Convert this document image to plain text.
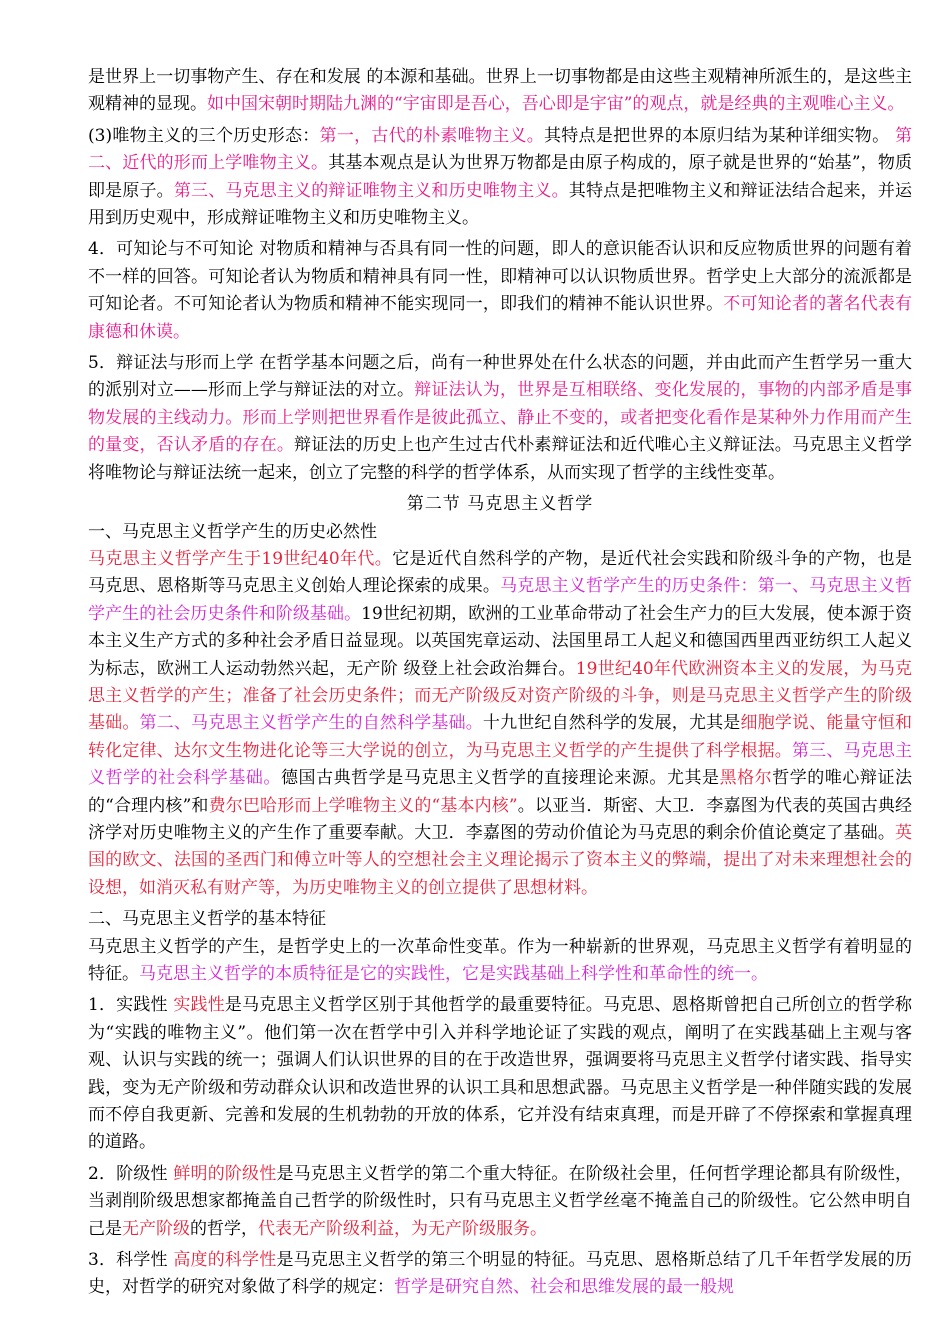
是世界上一切事物产生、存在和发展 的本源和基础。世界上一切事物都是由这些主观精神所派生的，是这些主观精神的显现。如中国宋朝时期陆九渊的“宇宙即是吾心，吾心即是宇宙”的观点，就是经典的主观唯心主义。

(3)唯物主义的三个历史形态：第一，古代的朴素唯物主义。其特点是把世界的本原归结为某种详细实物。 第二、近代的形而上学唯物主义。其基本观点是认为世界万物都是由原子构成的，原子就是世界的“始基”，物质即是原子。第三、马克思主义的辩证唯物主义和历史唯物主义。其特点是把唯物主义和辩证法结合起来，并运用到历史观中，形成辩证唯物主义和历史唯物主义。

4．可知论与不可知论 对物质和精神与否具有同一性的问题，即人的意识能否认识和反应物质世界的问题有着不一样的回答。可知论者认为物质和精神具有同一性，即精神可以认识物质世界。哲学史上大部分的流派都是可知论者。不可知论者认为物质和精神不能实现同一，即我们的精神不能认识世界。不可知论者的著名代表有康德和休谟。

5．辩证法与形而上学 在哲学基本问题之后，尚有一种世界处在什么状态的问题，并由此而产生哲学另一重大的派别对立——形而上学与辩证法的对立。辩证法认为，世界是互相联络、变化发展的，事物的内部矛盾是事物发展的主线动力。形而上学则把世界看作是彼此孤立、静止不变的，或者把变化看作是某种外力作用而产生的量变，否认矛盾的存在。辩证法的历史上也产生过古代朴素辩证法和近代唯心主义辩证法。马克思主义哲学将唯物论与辩证法统一起来，创立了完整的科学的哲学体系，从而实现了哲学的主线性变革。

第二节 马克思主义哲学

一、马克思主义哲学产生的历史必然性

马克思主义哲学产生于19世纪40年代。它是近代自然科学的产物，是近代社会实践和阶级斗争的产物，也是马克思、恩格斯等马克思主义创始人理论探索的成果。马克思主义哲学产生的历史条件：第一、马克思主义哲学产生的社会历史条件和阶级基础。19世纪初期，欧洲的工业革命带动了社会生产力的巨大发展，使本源于资本主义生产方式的多种社会矛盾日益显现。以英国宪章运动、法国里昂工人起义和德国西里西亚纺织工人起义为标志，欧洲工人运动勃然兴起，无产阶 级登上社会政治舞台。19世纪40年代欧洲资本主义的发展，为马克思主义哲学的产生；准备了社会历史条件；而无产阶级反对资产阶级的斗争，则是马克思主义哲学产生的阶级基础。第二、马克思主义哲学产生的自然科学基础。十九世纪自然科学的发展，尤其是细胞学说、能量守恒和转化定律、达尔文生物进化论等三大学说的创立，为马克思主义哲学的产生提供了科学根据。第三、马克思主义哲学的社会科学基础。德国古典哲学是马克思主义哲学的直接理论来源。尤其是黑格尔哲学的唯心辩证法的“合理内核”和费尔巴哈形而上学唯物主义的“基本内核”。以亚当．斯密、大卫．李嘉图为代表的英国古典经济学对历史唯物主义的产生作了重要奉献。大卫．李嘉图的劳动价值论为马克思的剩余价值论奠定了基础。英国的欧文、法国的圣西门和傅立叶等人的空想社会主义理论揭示了资本主义的弊端，提出了对未来理想社会的设想，如消灭私有财产等，为历史唯物主义的创立提供了思想材料。

二、马克思主义哲学的基本特征

马克思主义哲学的产生，是哲学史上的一次革命性变革。作为一种崭新的世界观，马克思主义哲学有着明显的特征。马克思主义哲学的本质特征是它的实践性，它是实践基础上科学性和革命性的统一。

1．实践性 实践性是马克思主义哲学区别于其他哲学的最重要特征。马克思、恩格斯曾把自己所创立的哲学称为“实践的唯物主义”。他们第一次在哲学中引入并科学地论证了实践的观点，阐明了在实践基础上主观与客观、认识与实践的统一；强调人们认识世界的目的在于改造世界，强调要将马克思主义哲学付诸实践、指导实践，变为无产阶级和劳动群众认识和改造世界的认识工具和思想武器。马克思主义哲学是一种伴随实践的发展而不停自我更新、完善和发展的生机勃勃的开放的体系，它并没有结束真理，而是开辟了不停探索和掌握真理的道路。

2．阶级性 鲜明的阶级性是马克思主义哲学的第二个重大特征。在阶级社会里，任何哲学理论都具有阶级性，当剥削阶级思想家都掩盖自己哲学的阶级性时，只有马克思主义哲学丝毫不掩盖自己的阶级性。它公然申明自己是无产阶级的哲学，代表无产阶级利益，为无产阶级服务。

3．科学性 高度的科学性是马克思主义哲学的第三个明显的特征。马克思、恩格斯总结了几千年哲学发展的历史，对哲学的研究对象做了科学的规定：哲学是研究自然、社会和思维发展的最一般规
